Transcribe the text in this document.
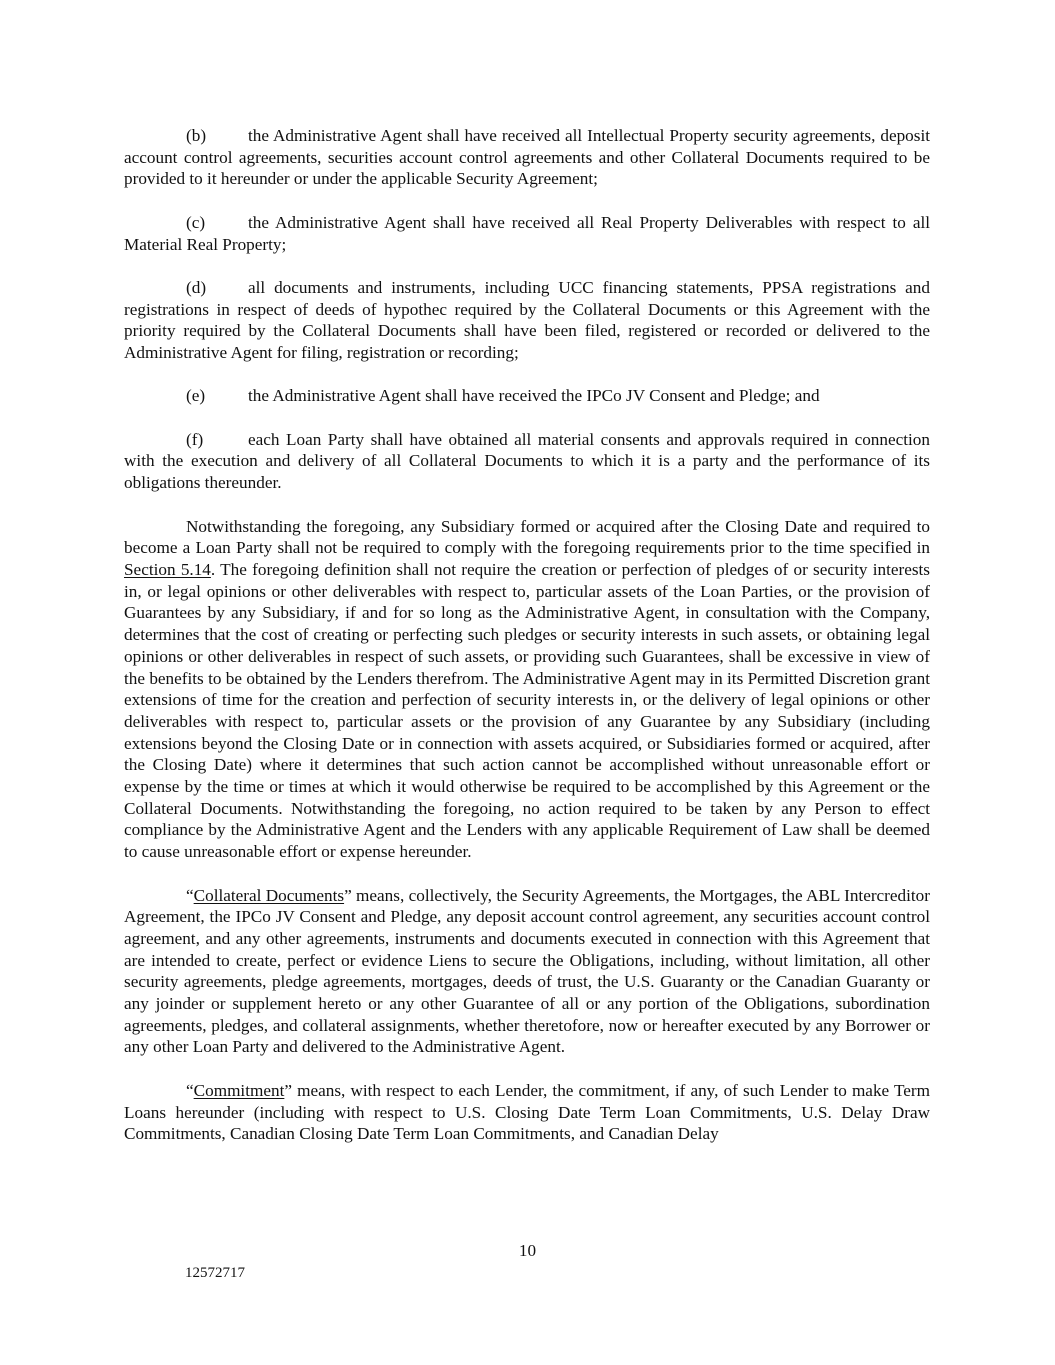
(b) the Administrative Agent shall have received all Intellectual Property security agreements, deposit account control agreements, securities account control agreements and other Collateral Documents required to be provided to it hereunder or under the applicable Security Agreement;

(c) the Administrative Agent shall have received all Real Property Deliverables with respect to all Material Real Property;

(d) all documents and instruments, including UCC financing statements, PPSA registrations and registrations in respect of deeds of hypothec required by the Collateral Documents or this Agreement with the priority required by the Collateral Documents shall have been filed, registered or recorded or delivered to the Administrative Agent for filing, registration or recording;

(e) the Administrative Agent shall have received the IPCo JV Consent and Pledge; and

(f)	each Loan Party shall have obtained all material consents and approvals required in connection with the execution and delivery of all Collateral Documents to which it is a party and the performance of its obligations thereunder.

Notwithstanding the foregoing, any Subsidiary formed or acquired after the Closing Date and required to become a Loan Party shall not be required to comply with the foregoing requirements prior to the time specified in Section 5.14. The foregoing definition shall not require the creation or perfection of pledges of or security interests in, or legal opinions or other deliverables with respect to, particular assets of the Loan Parties, or the provision of Guarantees by any Subsidiary, if and for so long as the Administrative Agent, in consultation with the Company, determines that the cost of creating or perfecting such pledges or security interests in such assets, or obtaining legal opinions or other deliverables in respect of such assets, or providing such Guarantees, shall be excessive in view of the benefits to be obtained by the Lenders therefrom. The Administrative Agent may in its Permitted Discretion grant extensions of time for the creation and perfection of security interests in, or the delivery of legal opinions or other deliverables with respect to, particular assets or the provision of any Guarantee by any Subsidiary (including extensions beyond the Closing Date or in connection with assets acquired, or Subsidiaries formed or acquired, after the Closing Date) where it determines that such action cannot be accomplished without unreasonable effort or expense by the time or times at which it would otherwise be required to be accomplished by this Agreement or the Collateral Documents. Notwithstanding the foregoing, no action required to be taken by any Person to effect compliance by the Administrative Agent and the Lenders with any applicable Requirement of Law shall be deemed to cause unreasonable effort or expense hereunder.

“Collateral Documents” means, collectively, the Security Agreements, the Mortgages, the ABL Intercreditor Agreement, the IPCo JV Consent and Pledge, any deposit account control agreement, any securities account control agreement, and any other agreements, instruments and documents executed in connection with this Agreement that are intended to create, perfect or evidence Liens to secure the Obligations, including, without limitation, all other security agreements, pledge agreements, mortgages, deeds of trust, the U.S. Guaranty or the Canadian Guaranty or any joinder or supplement hereto or any other Guarantee of all or any portion of the Obligations, subordination agreements, pledges, and collateral assignments, whether theretofore, now or hereafter executed by any Borrower or any other Loan Party and delivered to the Administrative Agent.

“Commitment” means, with respect to each Lender, the commitment, if any, of such Lender to make Term Loans hereunder (including with respect to U.S. Closing Date Term Loan Commitments, U.S. Delay Draw Commitments, Canadian Closing Date Term Loan Commitments, and Canadian Delay

10
12572717
